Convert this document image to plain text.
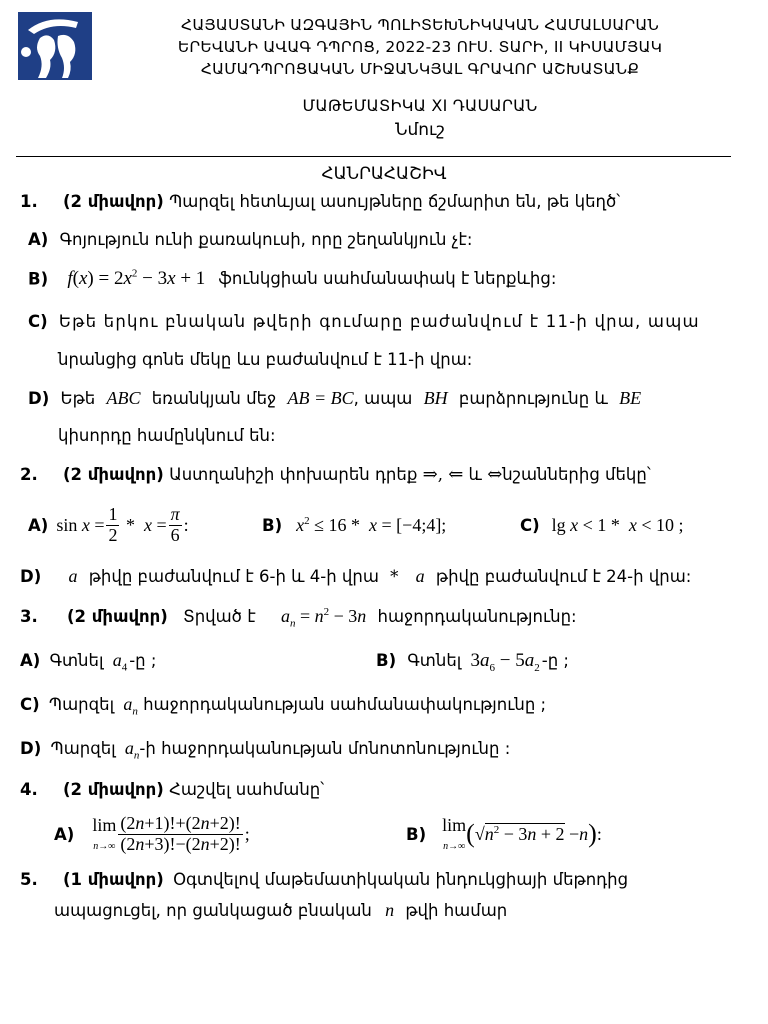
ՀԱՅԱՍՏԱՆԻ ԱԶԳԱՅԻՆ ՊՈԼԻՏԵԽՆԻԿԱԿԱՆ ՀԱՄԱԼՍԱՐԱՆ
ԵՐԵՎԱՆԻ ԱՎԱԳ ԴՊՐՈՑ, 2022-23 ՈՒՍ. ՏԱՐԻ, II ԿԻՍԱՄՅԱԿ
ՀԱՄԱԴՊՐՈՑԱԿԱՆ ՄԻՋԱՆԿՅԱԼ ԳՐԱՎՈՐ ԱՇԽԱՏԱՆՔ
ՄԱԹԵՄԱՏԻԿԱ XI ԴԱՍԱՐԱՆ
Նմուշ
ՀԱՆՐԱՀԱՇԻՎ
1. (2 միավոր) Պարզել հետևյալ ասույթները ճշմարիտ են, թե կեղծ՝
A) Գոյություն ունի քառակուսի, որը շեղանկյուն չէ:
B) $f(x) = 2x^2 - 3x + 1$ ֆունկցիան սահմանափակ է ներքևից:
C) Եթե երկու բնական թվերի գումարը բաժանվում է 11-ի վրա, ապա
նրանցից գոնե մեկը ևս բաժանվում է 11-ի վրա:
D) Եթե ABC եռանկյան մեջ AB = BC, ապա BH բարձրությունը և BE
կիսորդը համընկնում են:
2. (2 միավոր) Աստղանիշի փոխարեն դրեք ⇒, ⇐ և ⇔նշաններից մեկը՝
A) $\sin x = \frac{1}{2} * x = \frac{\pi}{6}$ :	B) $x^2 \le 16 * x$ = [−4;4];	C) lg x < 1 *  x < 10 ;
D) a թիվը բաժանվում է 6-ի և 4-ի վրա * a թիվը բաժանվում է 24-ի վրա:
3. (2 միավոր) Տրված է $a_n = n^2 - 3n$ հաջորդականությունը:
A) Գտնել $a_4$ -ը ;	B) Գտնել $3a_6 - 5a_2$ -ը ;
C) Պարզել $a_n$ հաջորդականության սահմանափակությունը ;
D) Պարզել $a_n-ի$ հաջորդականության մոնոտոնությունը :
4. (2 միավոր) Հաշվել սահմանը՝
A) lim
$n\to\infty \frac{(2n+1)!+(2n+2)!}{(2n+3)!-(2n+2)!}$ ;	B) lim
n→∞ ( √ $n^2 - 3n + 2 - n$ ) :
5. (1 միավոր) Օգտվելով մաթեմատիկական ինդուկցիայի մեթոդից
ապացուցել, որ ցանկացած բնական n թվի համար
